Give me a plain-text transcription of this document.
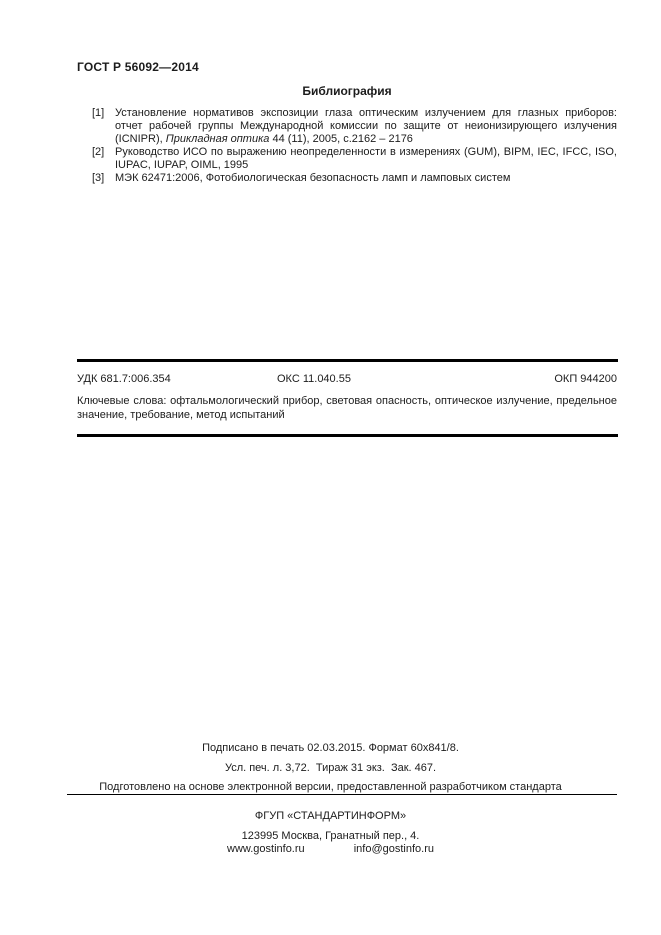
ГОСТ Р 56092—2014
Библиография
[1] Установление нормативов экспозиции глаза оптическим излучением для глазных приборов: отчет рабочей группы Международной комиссии по защите от неионизирующего излучения (ICNIPR), Прикладная оптика 44 (11), 2005, с.2162 – 2176
[2] Руководство ИСО по выражению неопределенности в измерениях (GUM), BIPM, IEC, IFCC, ISO, IUPAC, IUPAP, OIML, 1995
[3] МЭК 62471:2006, Фотобиологическая безопасность ламп и ламповых систем
УДК 681.7:006.354	ОКС 11.040.55	ОКП 944200
Ключевые слова: офтальмологический прибор, световая опасность, оптическое излучение, предельное значение, требование, метод испытаний
Подписано в печать 02.03.2015. Формат 60х841/8.
Усл. печ. л. 3,72.  Тираж 31 экз.  Зак. 467.
Подготовлено на основе электронной версии, предоставленной разработчиком стандарта
ФГУП «СТАНДАРТИНФОРМ»
123995 Москва, Гранатный пер., 4.
www.gostinfo.ru	info@gostinfo.ru
